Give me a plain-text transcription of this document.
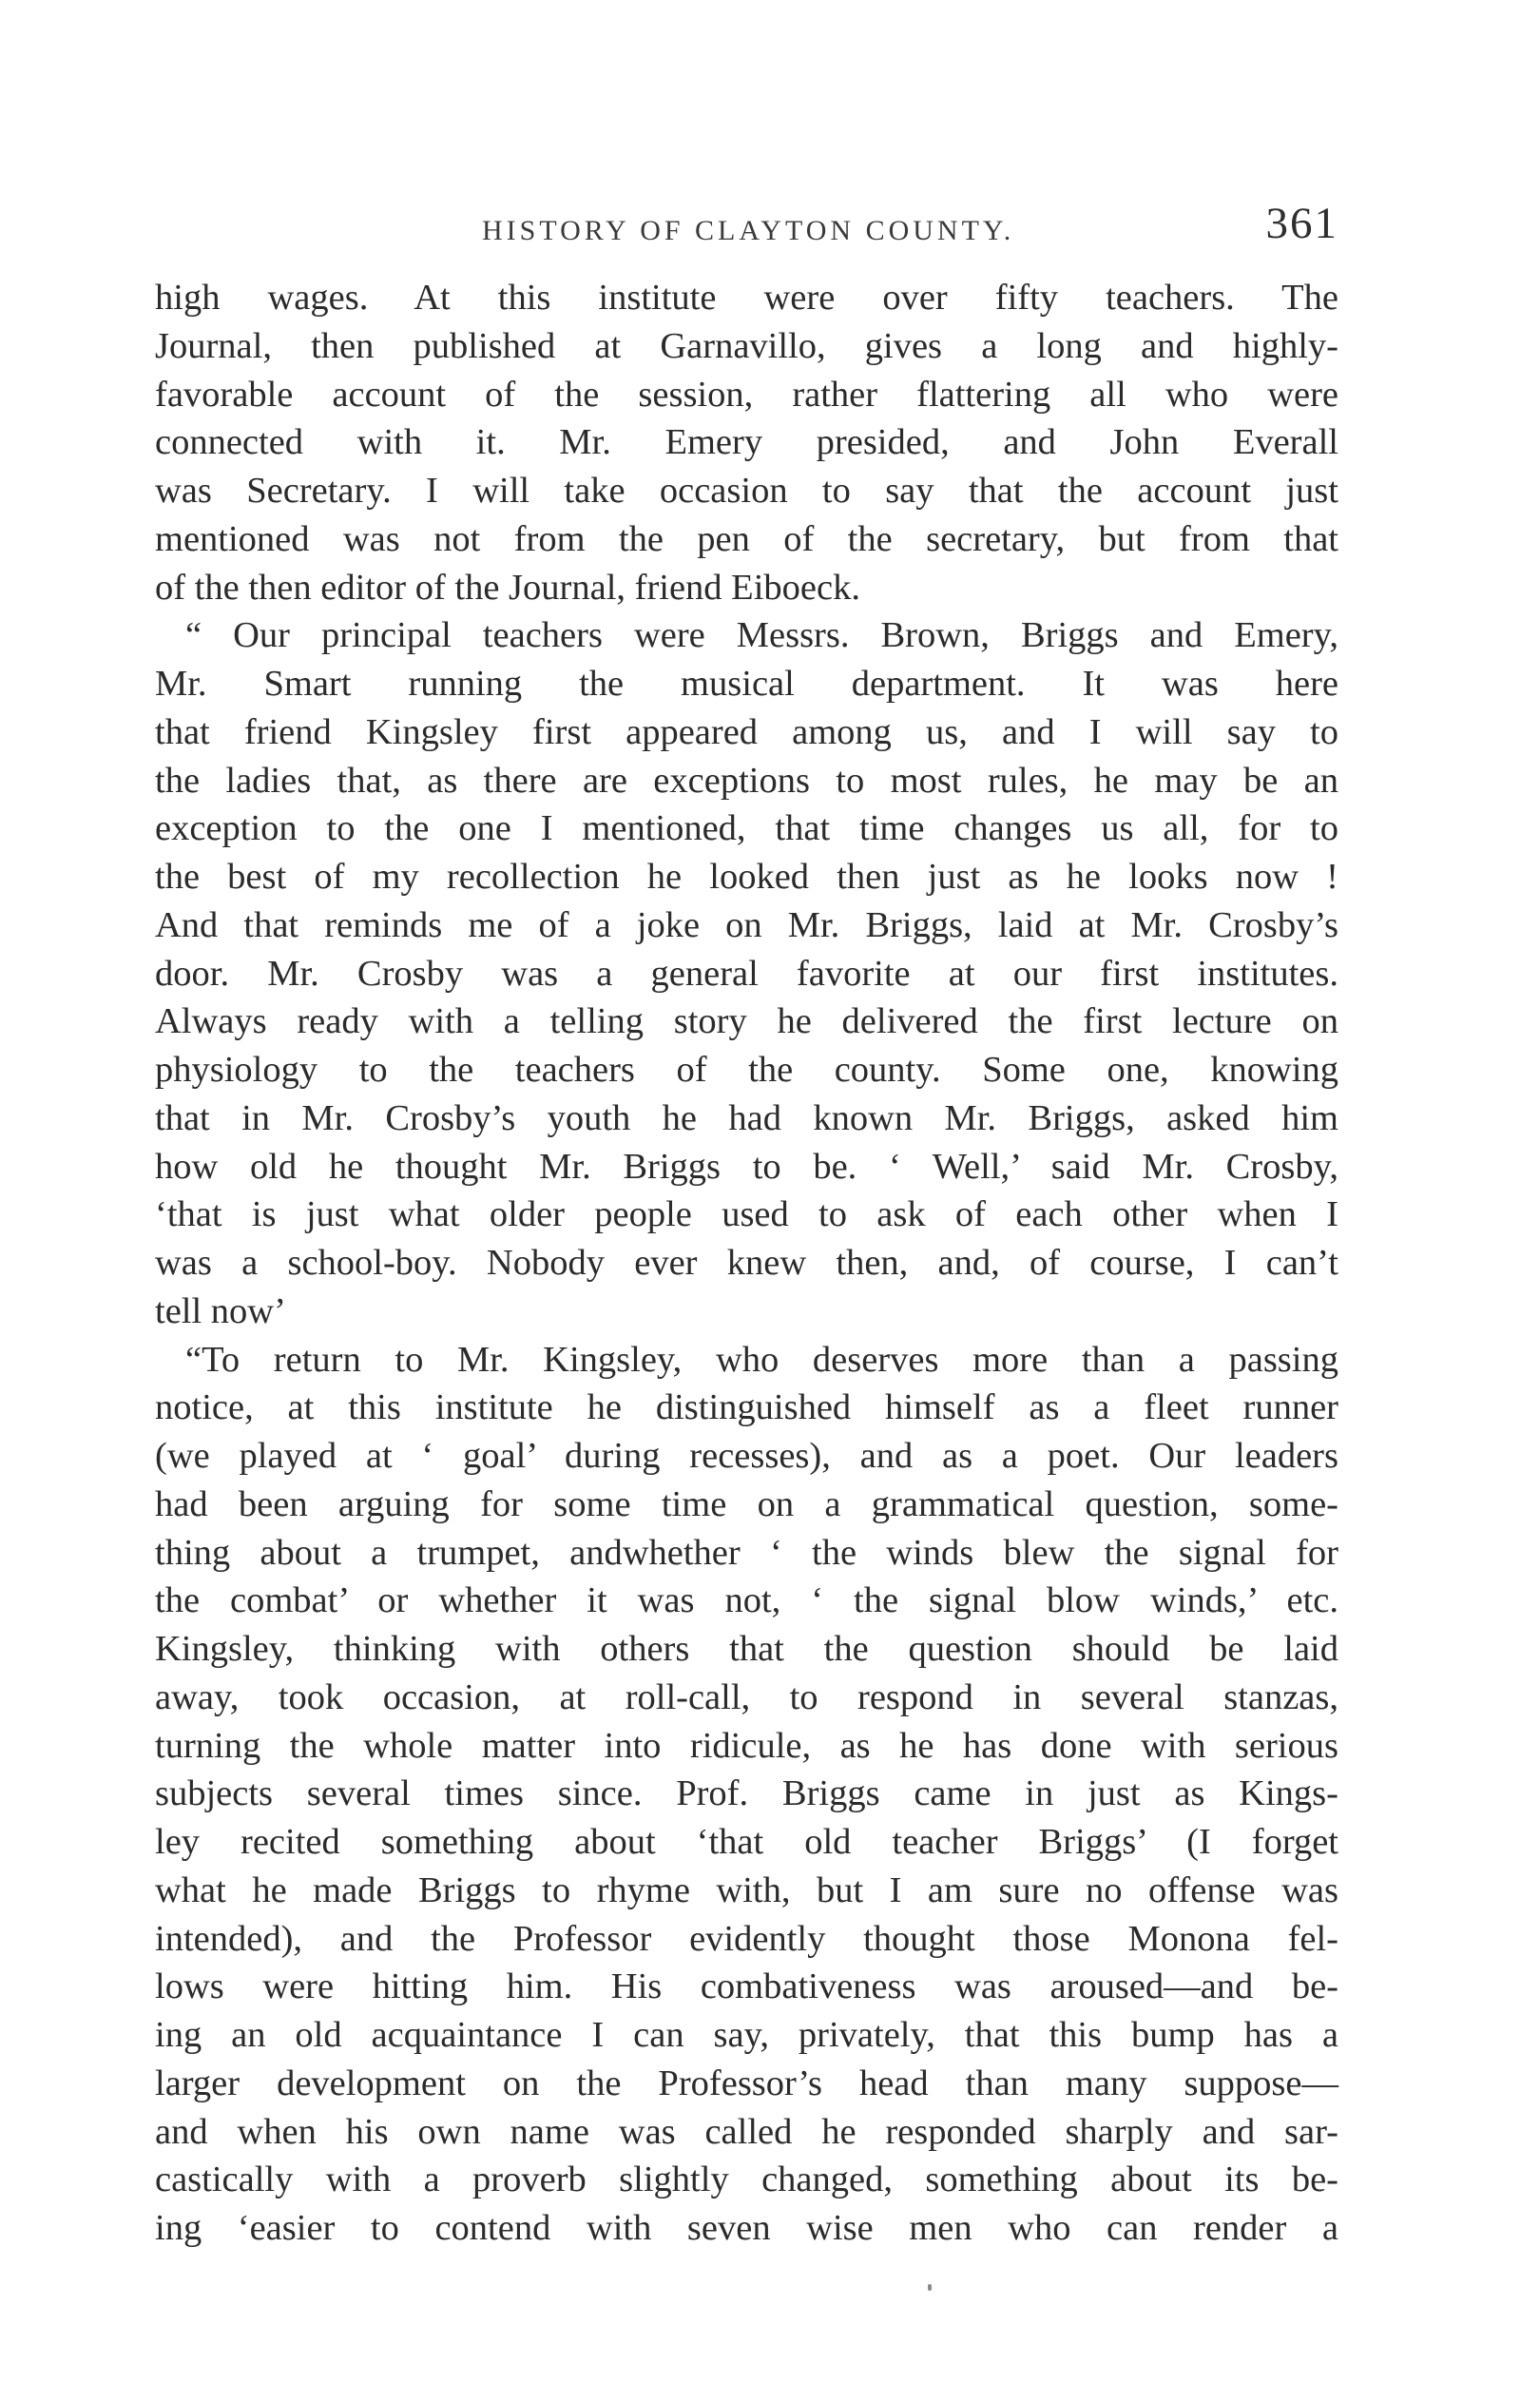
HISTORY OF CLAYTON COUNTY.	361
high wages. At this institute were over fifty teachers. The
Journal, then published at Garnavillo, gives a long and highly-
favorable account of the session, rather flattering all who were
connected with it. Mr. Emery presided, and John Everall
was Secretary. I will take occasion to say that the account just
mentioned was not from the pen of the secretary, but from that
of the then editor of the Journal, friend Eiboeck.
“ Our principal teachers were Messrs. Brown, Briggs and Emery,
Mr. Smart running the musical department. It was here
that friend Kingsley first appeared among us, and I will say to
the ladies that, as there are exceptions to most rules, he may be an
exception to the one I mentioned, that time changes us all, for to
the best of my recollection he looked then just as he looks now !
And that reminds me of a joke on Mr. Briggs, laid at Mr. Crosby’s
door. Mr. Crosby was a general favorite at our first institutes.
Always ready with a telling story he delivered the first lecture on
physiology to the teachers of the county. Some one, knowing
that in Mr. Crosby’s youth he had known Mr. Briggs, asked him
how old he thought Mr. Briggs to be. ‘ Well,’ said Mr. Crosby,
‘that is just what older people used to ask of each other when I
was a school-boy. Nobody ever knew then, and, of course, I can’t
tell now’
“To return to Mr. Kingsley, who deserves more than a passing
notice, at this institute he distinguished himself as a fleet runner
(we played at ‘ goal’ during recesses), and as a poet. Our leaders
had been arguing for some time on a grammatical question, some-
thing about a trumpet, andwhether ‘ the winds blew the signal for
the combat’ or whether it was not, ‘ the signal blow winds,’ etc.
Kingsley, thinking with others that the question should be laid
away, took occasion, at roll-call, to respond in several stanzas,
turning the whole matter into ridicule, as he has done with serious
subjects several times since. Prof. Briggs came in just as Kings-
ley recited something about ‘that old teacher Briggs’ (I forget
what he made Briggs to rhyme with, but I am sure no offense was
intended), and the Professor evidently thought those Monona fel-
lows were hitting him. His combativeness was aroused—and be-
ing an old acquaintance I can say, privately, that this bump has a
larger development on the Professor’s head than many suppose—
and when his own name was called he responded sharply and sar-
castically with a proverb slightly changed, something about its be-
ing ‘easier to contend with seven wise men who can render a
